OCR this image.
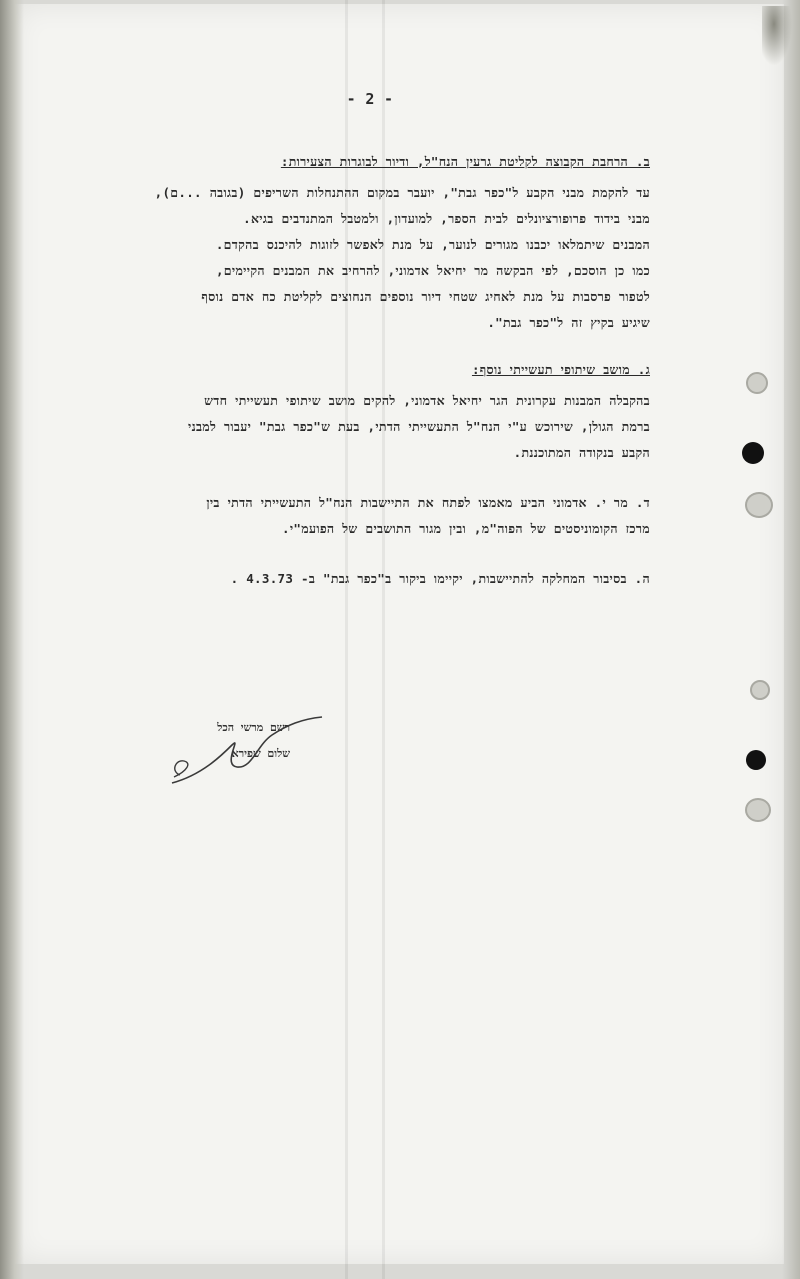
- 2 -
ב. הרחבת הקבוצה לקליטת גרעין הנח"ל, ודיור לבוגרות הצעירות:
עד להקמת מבני הקבע ל"כפר גבת", יועבר במקום ההתנחלות השריפים (בגובה ...ם),
מבני בידוד פרופורציונלים לבית הספר, למועדון, ולמטבל המתנדבים בגיא.
המבנים שיתמלאו יכבנו מגורים לנוער, על מנת לאפשר לזוגות להיכנס בהקדם.
כמו כן הוסכם, לפי הבקשה מר יחיאל אדמוני, להרחיב את המבנים הקיימים,
לטפור פרסבות על מנת לאחיג שטחי דיור נוספים הנחוצים לקליטת כח אדם נוסף
שיגיע בקיץ זה ל"כפר גבת".
ג. מושב שיתופי תעשייתי נוסף:
בהקבלה המבנות עקרונית הגר יחיאל אדמוני, להקים מושב שיתופי תעשייתי חדש
ברמת הגולן, שירוכש ע"י הנח"ל התעשייתי הדתי, בעת ש"כפר גבת" יעבור למבני
הקבע בנקודה המתוכננת.
ד. מר י. אדמוני הביע מאמצו לפתח את התיישבות הנח"ל התעשייתי הדתי בין
מרכז הקומוניסטים של הפוה"מ, ובין מגור התושבים של הפועמ"י.
ה. בסיבור המחלקה להתיישבות, יקיימו ביקור ב"כפר גבת" ב- 4.3.73 .
רשם מרשי הכל
שלום שפירא
